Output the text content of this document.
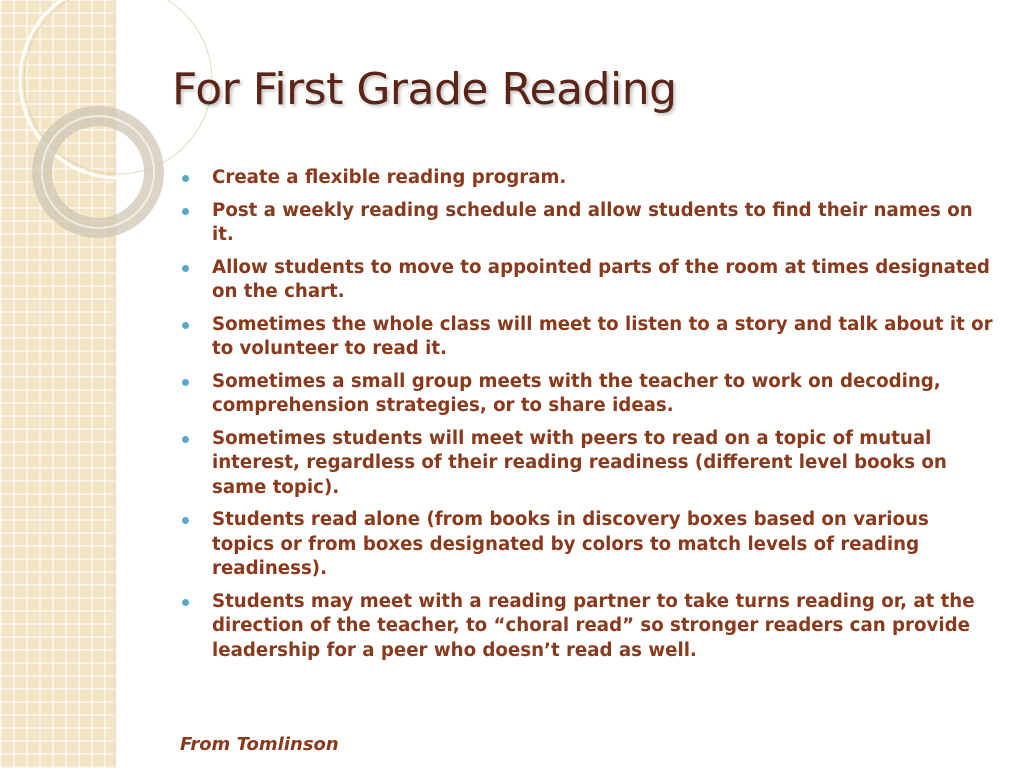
For First Grade Reading
Create a flexible reading program.
Post a weekly reading schedule and allow students to find their names on it.
Allow students to move to appointed parts of the room at times designated on the chart.
Sometimes the whole class will meet to listen to a story and talk about it or to volunteer to read it.
Sometimes a small group meets with the teacher to work on decoding, comprehension strategies, or to share ideas.
Sometimes students will meet with peers to read on a topic of mutual interest, regardless of their reading readiness (different level books on same topic).
Students read alone (from books in discovery boxes based on various topics or from boxes designated by colors to match levels of reading readiness).
Students may meet with a reading partner to take turns reading or, at the direction of the teacher, to “choral read” so stronger readers can provide leadership for a peer who doesn’t read as well.

From Tomlinson
